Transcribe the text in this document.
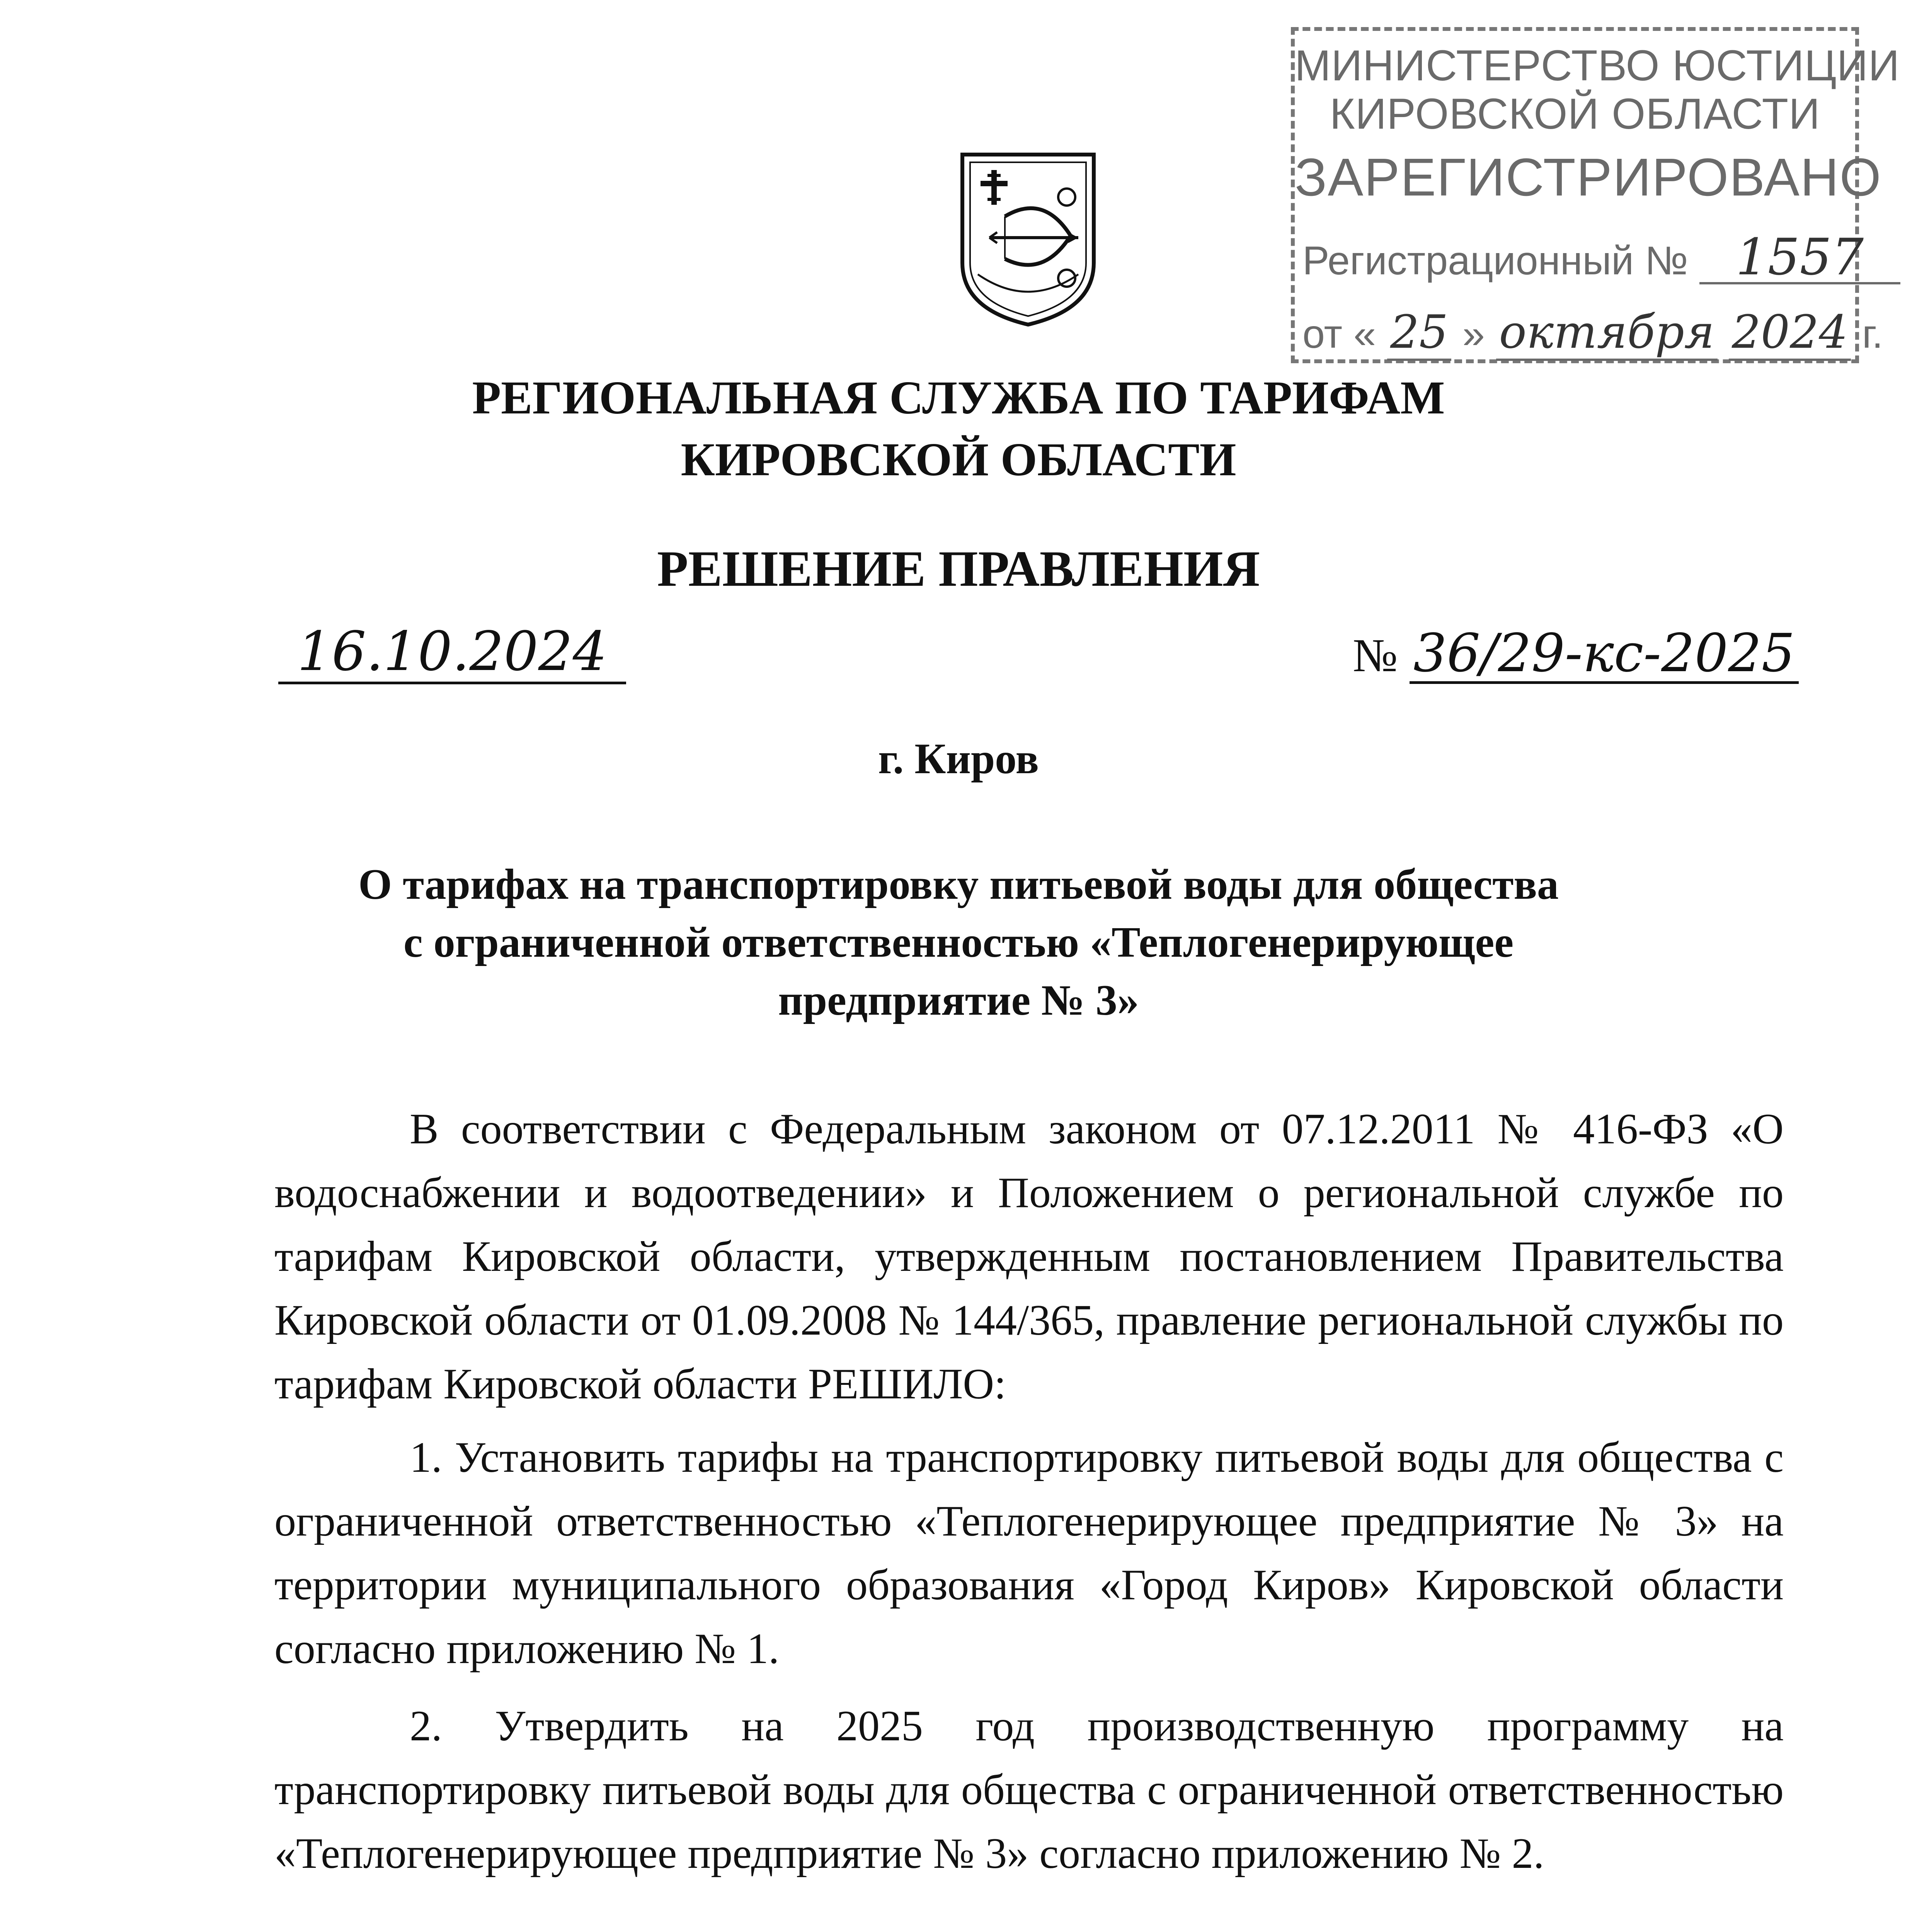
МИНИСТЕРСТВО ЮСТИЦИИ
КИРОВСКОЙ ОБЛАСТИ
ЗАРЕГИСТРИРОВАНО
Регистрационный № 1557
от « 25 » октября 2024 г.
РЕГИОНАЛЬНАЯ СЛУЖБА ПО ТАРИФАМ
КИРОВСКОЙ ОБЛАСТИ
РЕШЕНИЕ ПРАВЛЕНИЯ
16.10.2024	№ 36/29-кс-2025
г. Киров
О тарифах на транспортировку питьевой воды для общества
с ограниченной ответственностью «Теплогенерирующее
предприятие № 3»
В соответствии с Федеральным законом от 07.12.2011 № 416-ФЗ «О водоснабжении и водоотведении» и Положением о региональной службе по тарифам Кировской области, утвержденным постановлением Правительства Кировской области от 01.09.2008 № 144/365, правление региональной службы по тарифам Кировской области РЕШИЛО:
1. Установить тарифы на транспортировку питьевой воды для общества с ограниченной ответственностью «Теплогенерирующее предприятие № 3» на территории муниципального образования «Город Киров» Кировской области согласно приложению № 1.
2. Утвердить на 2025 год производственную программу на транспортировку питьевой воды для общества с ограниченной ответственностью «Теплогенерирующее предприятие № 3» согласно приложению № 2.
